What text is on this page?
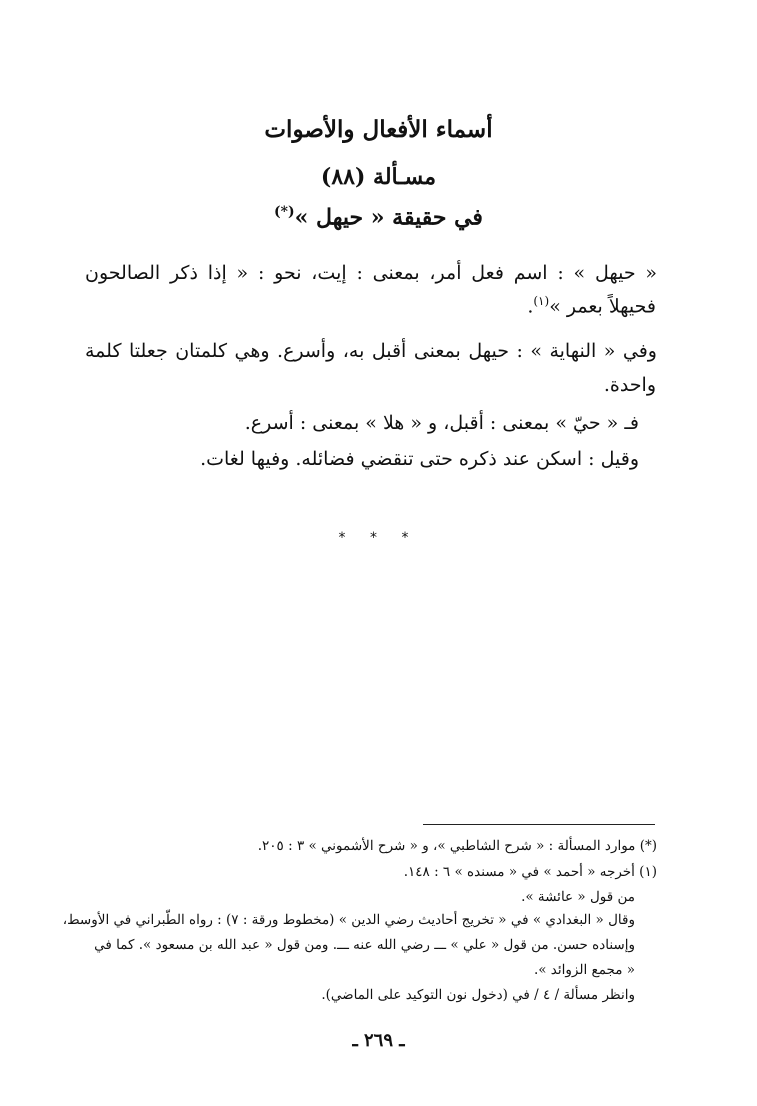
أسماء الأفعال والأصوات
مسـألة (٨٨)
في حقيقة « حيهل »(*)
« حيهل » : اسم فعل أمر، بمعنى : إيت، نحو : « إذا ذكر الصالحون
فحيهلاً بعمر »$^{(١)}$.
وفي « النهاية » : حيهل بمعنى أقبل به، وأسرع. وهي كلمتان جعلتا كلمة
واحدة.
فـ « حيّ » بمعنى : أقبل، و « هلا » بمعنى : أسرع.
وقيل : اسكن عند ذكره حتى تنقضي فضائله. وفيها لغات.
* * *
(*) موارد المسألة : « شرح الشاطبي »، و « شرح الأشموني » ٣ : ٢٠٥.
(١) أخرجه « أحمد » في « مسنده » ٦ : ١٤٨.
من قول « عائشة ».
وقال « البغدادي » في « تخريج أحاديث رضي الدين » (مخطوط ورقة : ٧) : رواه الطّبراني في الأوسط،
وإسناده حسن. من قول « علي » ـــ رضي الله عنه ـــ. ومن قول « عبد الله بن مسعود ». كما في
« مجمع الزوائد ».
وانظر مسألة / ٤ / في (دخول نون التوكيد على الماضي).
ـ ٢٦٩ ـ
